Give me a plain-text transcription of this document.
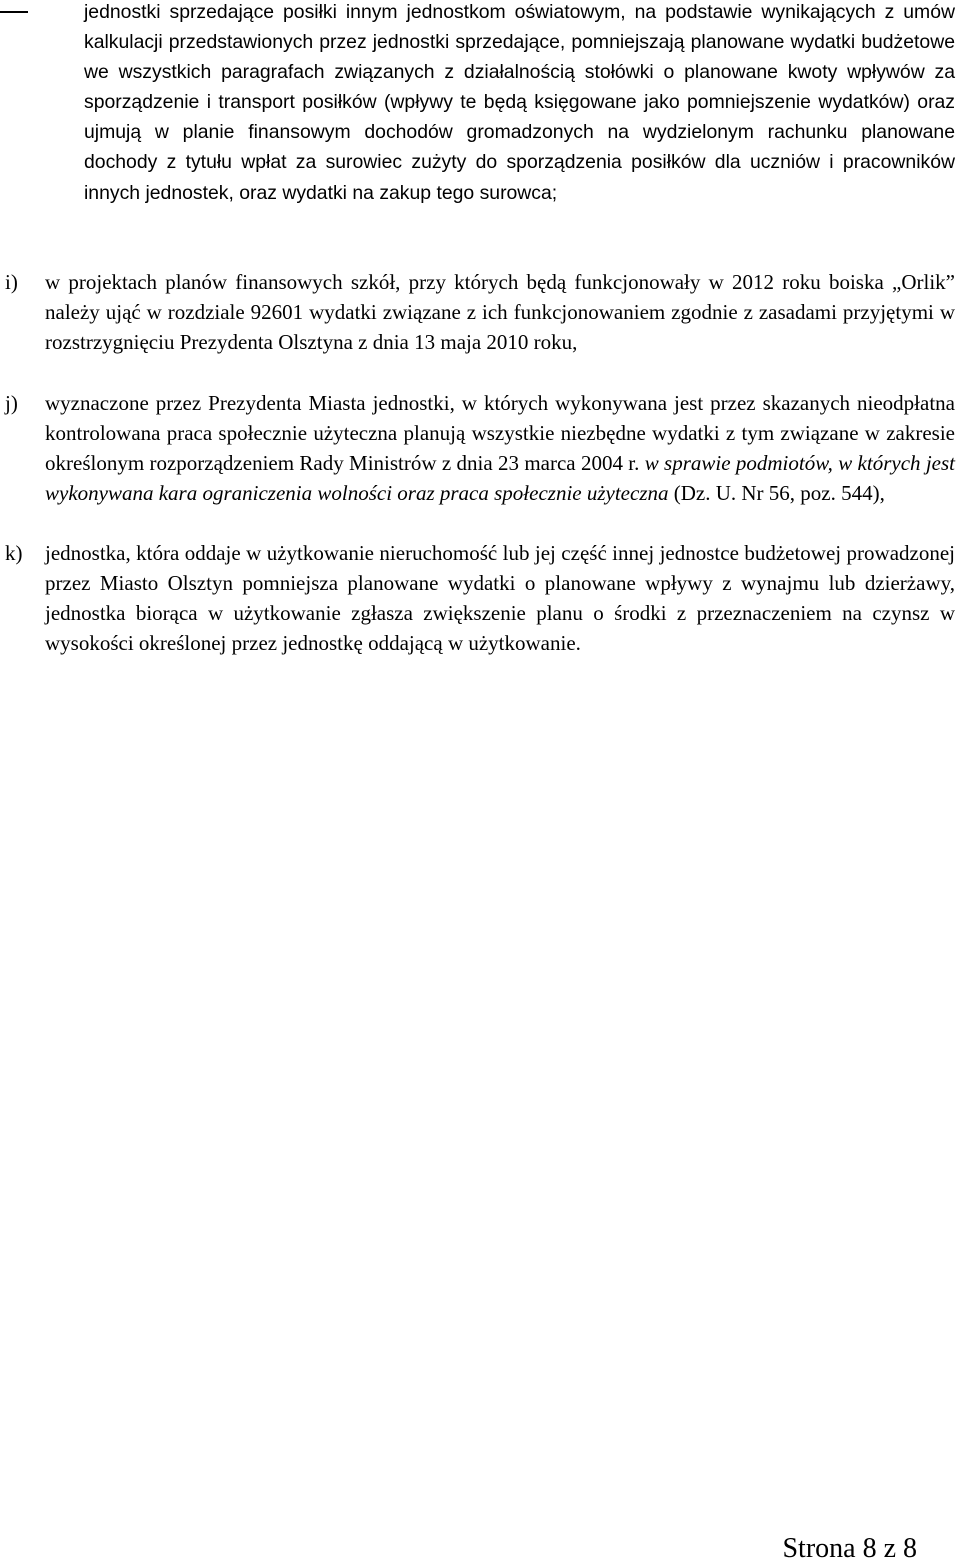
jednostki sprzedające posiłki innym jednostkom oświatowym, na podstawie wynikających z umów kalkulacji przedstawionych przez jednostki sprzedające, pomniejszają planowane wydatki budżetowe we wszystkich paragrafach związanych z działalnością stołówki o planowane kwoty wpływów za sporządzenie i transport posiłków (wpływy te będą księgowane jako pomniejszenie wydatków) oraz ujmują w planie finansowym dochodów gromadzonych na wydzielonym rachunku planowane dochody z tytułu wpłat za surowiec zużyty do sporządzenia posiłków dla uczniów i pracowników innych jednostek, oraz wydatki na zakup tego surowca;
i) w projektach planów finansowych szkół, przy których będą funkcjonowały w 2012 roku boiska „Orlik” należy ująć w rozdziale 92601 wydatki związane z ich funkcjonowaniem zgodnie z zasadami przyjętymi w rozstrzygnięciu Prezydenta Olsztyna z dnia 13 maja 2010 roku,
j) wyznaczone przez Prezydenta Miasta jednostki, w których wykonywana jest przez skazanych nieodpłatna kontrolowana praca społecznie użyteczna planują wszystkie niezbędne wydatki z tym związane w zakresie określonym rozporządzeniem Rady Ministrów z dnia 23 marca 2004 r. w sprawie podmiotów, w których jest wykonywana kara ograniczenia wolności oraz praca społecznie użyteczna (Dz. U. Nr 56, poz. 544),
k) jednostka, która oddaje w użytkowanie nieruchomość lub jej część innej jednostce budżetowej prowadzonej przez Miasto Olsztyn pomniejsza planowane wydatki o planowane wpływy z wynajmu lub dzierżawy, jednostka biorąca w użytkowanie zgłasza zwiększenie planu o środki z przeznaczeniem na czynsz w wysokości określonej przez jednostkę oddającą w użytkowanie.
Strona 8 z 8
